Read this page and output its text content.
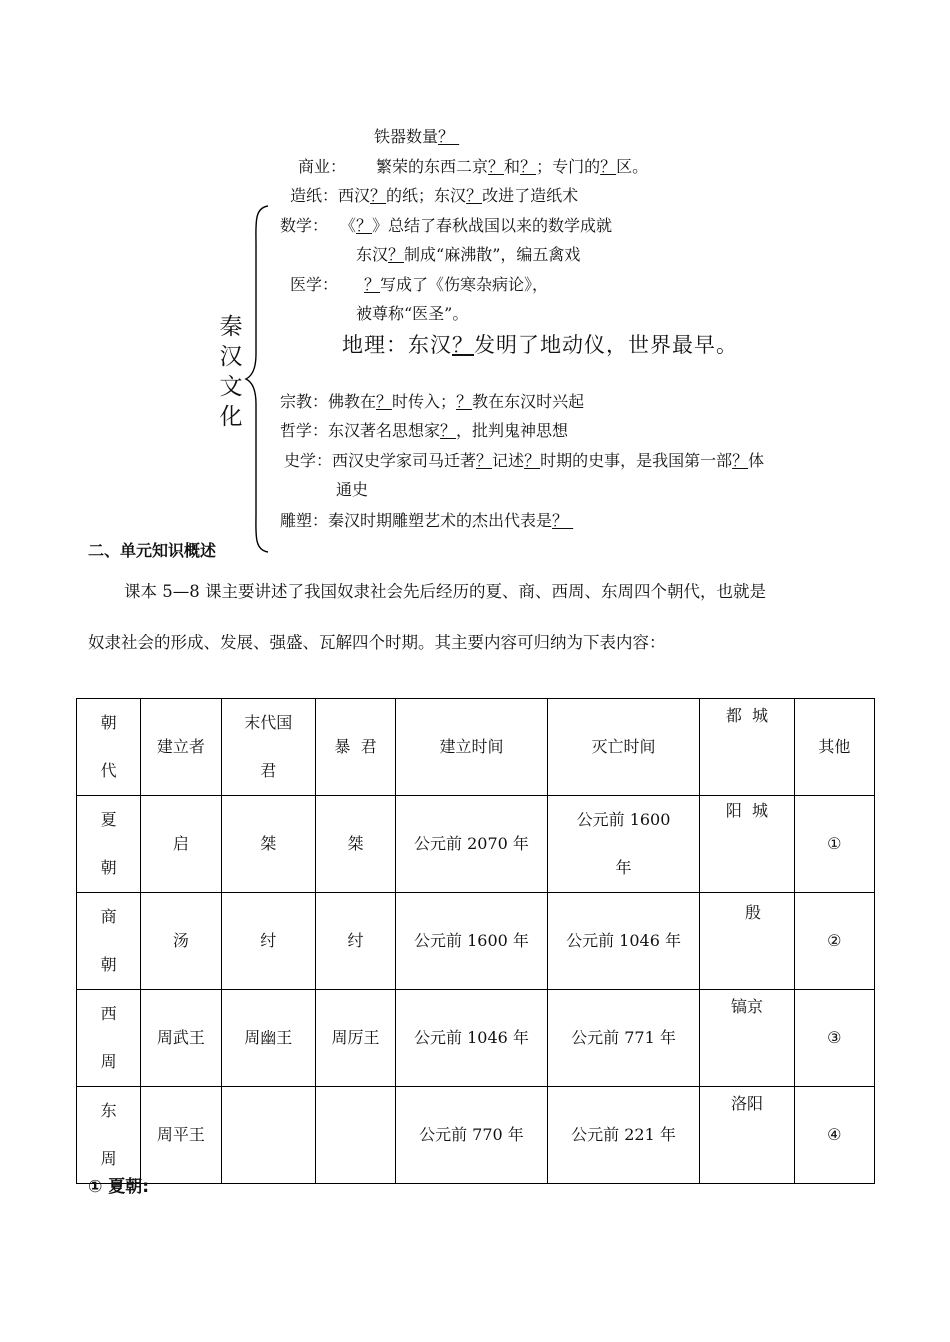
秦汉文化
铁器数量？
商业： 繁荣的东西二京？和？；专门的？区。
造纸：西汉？的纸；东汉？改进了造纸术
数学： 《？》总结了春秋战国以来的数学成就
东汉？制成“麻沸散”，编五禽戏
医学： ？写成了《伤寒杂病论》，
被尊称“医圣”。
地理：东汉？发明了地动仪，世界最早。
宗教：佛教在？时传入；？教在东汉时兴起
哲学：东汉著名思想家？，批判鬼神思想
史学：西汉史学家司马迁著？记述？时期的史事，是我国第一部？体
通史
雕塑：秦汉时期雕塑艺术的杰出代表是？
二、单元知识概述
课本 5—8 课主要讲述了我国奴隶社会先后经历的夏、商、西周、东周四个朝代，也就是
奴隶社会的形成、发展、强盛、瓦解四个时期。其主要内容可归纳为下表内容：
朝
代	建立者	末代国
君	暴  君	建立时间	灭亡时间	都  城	其他
夏
朝	启	桀	桀	公元前 2070 年	公元前 1600
年	阳  城	①
商
朝	汤	纣	纣	公元前 1600 年	公元前 1046 年	殷	②
西
周	周武王	周幽王	周厉王	公元前 1046 年	公元前 771 年	镐京	③
东
周	周平王			公元前 770 年	公元前 221 年	洛阳	④
① 夏朝:
